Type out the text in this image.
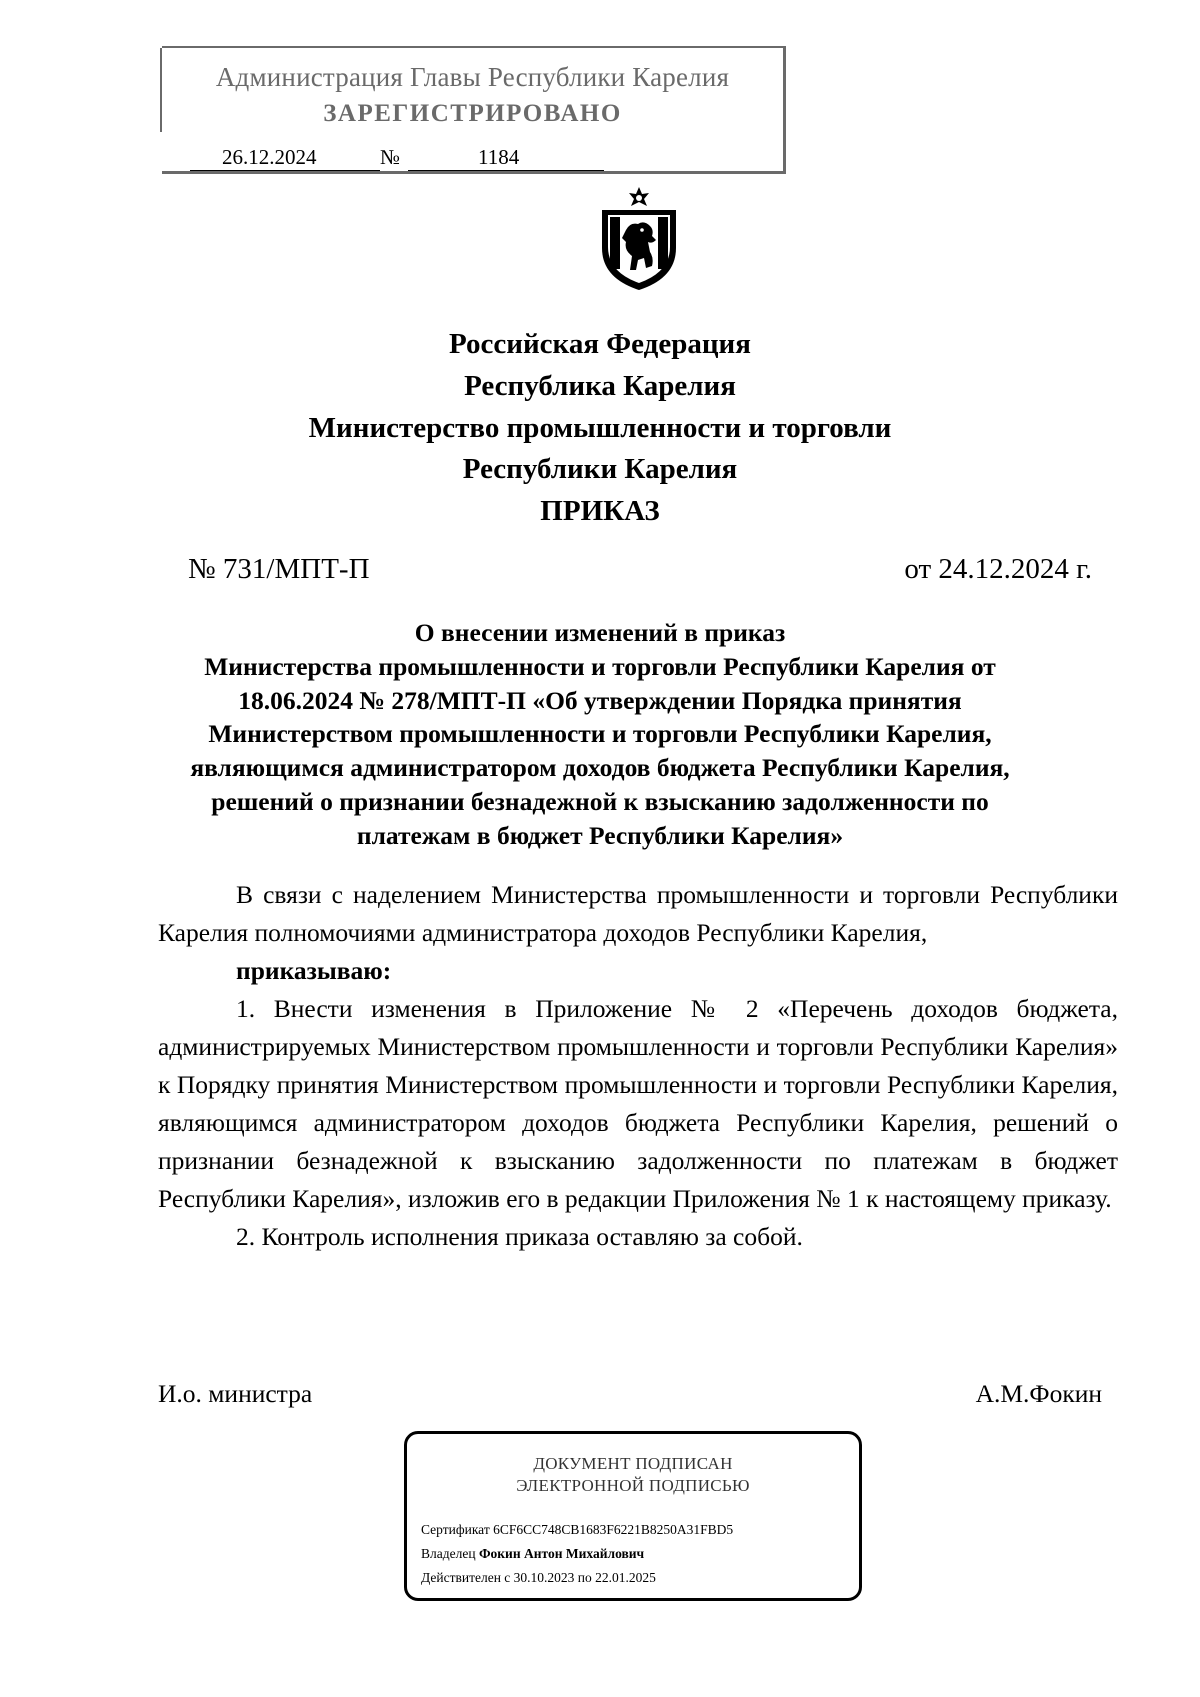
Администрация Главы Республики Карелия
ЗАРЕГИСТРИРОВАНО
26.12.2024	№	1184
Российская Федерация
Республика Карелия
Министерство промышленности и торговли
Республики Карелия
ПРИКАЗ
№ 731/МПТ-П	от 24.12.2024 г.
О внесении изменений в приказ
Министерства промышленности и торговли Республики Карелия от
18.06.2024 № 278/МПТ-П «Об утверждении Порядка принятия
Министерством промышленности и торговли Республики Карелия,
являющимся администратором доходов бюджета Республики Карелия,
решений о признании безнадежной к взысканию задолженности по
платежам в бюджет Республики Карелия»

В связи с наделением Министерства промышленности и торговли Республики Карелия полномочиями администратора доходов Республики Карелия,

приказываю:

1. Внести изменения в Приложение № 2 «Перечень доходов бюджета, администрируемых Министерством промышленности и торговли Республики Карелия» к Порядку принятия Министерством промышленности и торговли Республики Карелия, являющимся администратором доходов бюджета Республики Карелия, решений о признании безнадежной к взысканию задолженности по платежам в бюджет Республики Карелия», изложив его в редакции Приложения № 1 к настоящему приказу.

2. Контроль исполнения приказа оставляю за собой.

И.о. министра	А.М.Фокин
ДОКУМЕНТ ПОДПИСАН
ЭЛЕКТРОННОЙ ПОДПИСЬЮ
Сертификат 6CF6CC748CB1683F6221B8250A31FBD5
Владелец Фокин Антон Михайлович
Действителен с 30.10.2023 по 22.01.2025
